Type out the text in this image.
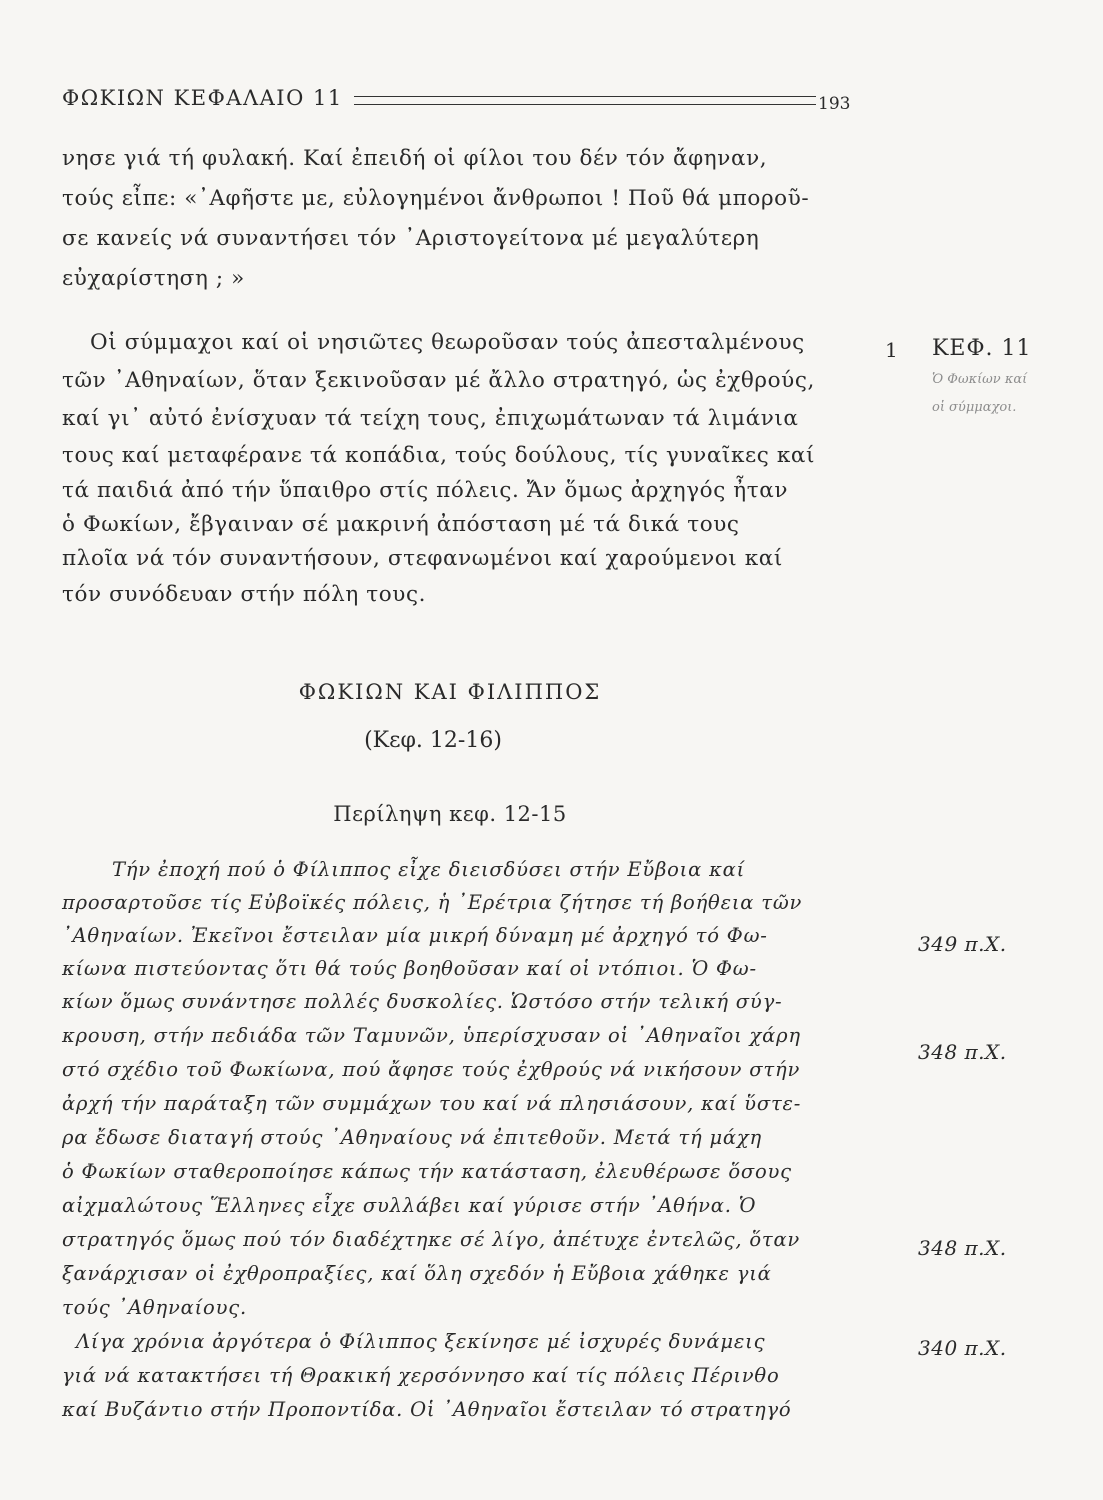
ΦΩΚΙΩΝ ΚΕΦΑΛΑΙΟ 11	193
νησε γιά τή φυλακή. Καί ἐπειδή οἱ φίλοι του δέν τόν ἄφηναν,
τούς εἶπε: «᾽Αφῆστε με, εὐλογημένοι ἄνθρωποι ! Ποῦ θά μποροῦ-
σε κανείς νά συναντήσει τόν ᾽Αριστογείτονα μέ μεγαλύτερη
εὐχαρίστηση ; »
Οἱ σύμμαχοι καί οἱ νησιῶτες θεωροῦσαν τούς ἀπεσταλμένους
τῶν ᾽Αθηναίων, ὅταν ξεκινοῦσαν μέ ἄλλο στρατηγό, ὡς ἐχθρούς,
καί γι᾽ αὐτό ἐνίσχυαν τά τείχη τους, ἐπιχωμάτωναν τά λιμάνια
τους καί μεταφέρανε τά κοπάδια, τούς δούλους, τίς γυναῖκες καί
τά παιδιά ἀπό τήν ὕπαιθρο στίς πόλεις. Ἄν ὅμως ἀρχηγός ἦταν
ὁ Φωκίων, ἔβγαιναν σέ μακρινή ἀπόσταση μέ τά δικά τους
πλοῖα νά τόν συναντήσουν, στεφανωμένοι καί χαρούμενοι καί
τόν συνόδευαν στήν πόλη τους.
1 ΚΕΦ. 11
Ὁ Φωκίων καί
οἱ σύμμαχοι.
ΦΩΚΙΩΝ ΚΑΙ ΦΙΛΙΠΠΟΣ
(Κεφ. 12-16)
Περίληψη κεφ. 12-15
Τήν ἐποχή πού ὁ Φίλιππος εἶχε διεισδύσει στήν Εὔβοια καί
προσαρτοῦσε τίς Εὐβοϊκές πόλεις, ἡ ᾽Ερέτρια ζήτησε τή βοήθεια τῶν
᾽Αθηναίων. Ἐκεῖνοι ἔστειλαν μία μικρή δύναμη μέ ἀρχηγό τό Φω-
κίωνα πιστεύοντας ὅτι θά τούς βοηθοῦσαν καί οἱ ντόπιοι. Ὁ Φω-
κίων ὅμως συνάντησε πολλές δυσκολίες. Ὡστόσο στήν τελική σύγ-
κρουση, στήν πεδιάδα τῶν Ταμυνῶν, ὑπερίσχυσαν οἱ ᾽Αθηναῖοι χάρη
στό σχέδιο τοῦ Φωκίωνα, πού ἄφησε τούς ἐχθρούς νά νικήσουν στήν
ἀρχή τήν παράταξη τῶν συμμάχων του καί νά πλησιάσουν, καί ὕστε-
ρα ἔδωσε διαταγή στούς ᾽Αθηναίους νά ἐπιτεθοῦν. Μετά τή μάχη
ὁ Φωκίων σταθεροποίησε κάπως τήν κατάσταση, ἐλευθέρωσε ὅσους
αἰχμαλώτους Ἕλληνες εἶχε συλλάβει καί γύρισε στήν ᾽Αθήνα. Ὁ
στρατηγός ὅμως πού τόν διαδέχτηκε σέ λίγο, ἀπέτυχε ἐντελῶς, ὅταν
ξανάρχισαν οἱ ἐχθροπραξίες, καί ὅλη σχεδόν ἡ Εὔβοια χάθηκε γιά
τούς ᾽Αθηναίους.
Λίγα χρόνια ἀργότερα ὁ Φίλιππος ξεκίνησε μέ ἰσχυρές δυνάμεις
γιά νά κατακτήσει τή Θρακική χερσόννησο καί τίς πόλεις Πέρινθο
καί Βυζάντιο στήν Προποντίδα. Οἱ ᾽Αθηναῖοι ἔστειλαν τό στρατηγό
349 π.Χ.
348 π.Χ.
348 π.Χ.
340 π.Χ.
